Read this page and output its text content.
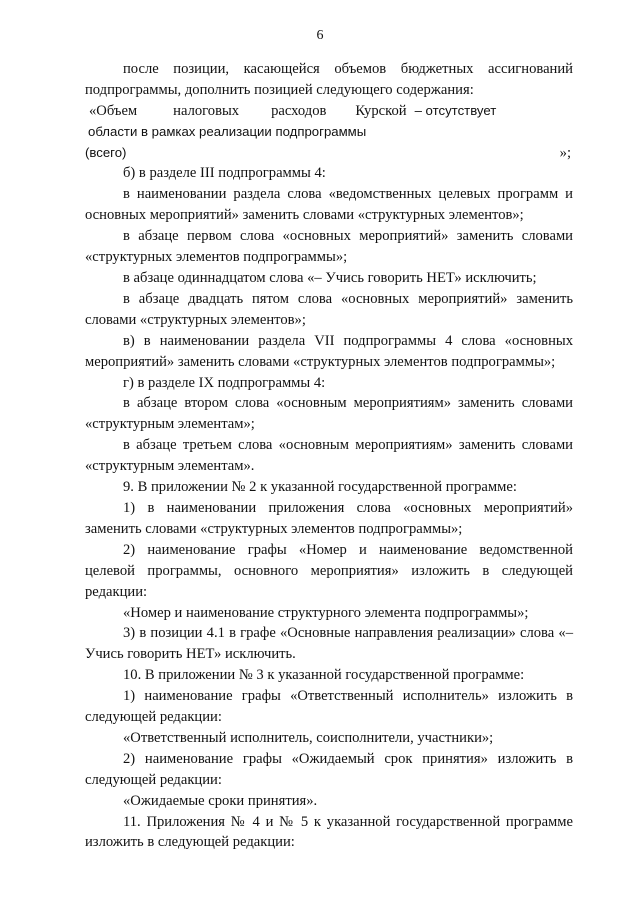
6

после позиции, касающейся объемов бюджетных ассигнований подпрограммы, дополнить позицией следующего содержания:

«Объем налоговых расходов Курской – отсутствует
области в рамках реализации подпрограммы
(всего)	»;

б) в разделе III подпрограммы 4:

в наименовании раздела слова «ведомственных целевых программ и основных мероприятий» заменить словами «структурных элементов»;

в абзаце первом слова «основных мероприятий» заменить словами «структурных элементов подпрограммы»;

в абзаце одиннадцатом слова «– Учись говорить НЕТ» исключить;

в абзаце двадцать пятом слова «основных мероприятий» заменить словами «структурных элементов»;

в) в наименовании раздела VII подпрограммы 4 слова «основных мероприятий» заменить словами «структурных элементов подпрограммы»;

г) в разделе IX подпрограммы 4:

в абзаце втором слова «основным мероприятиям» заменить словами «структурным элементам»;

в абзаце третьем слова «основным мероприятиям» заменить словами «структурным элементам».

9. В приложении № 2 к указанной государственной программе:

1) в наименовании приложения слова «основных мероприятий» заменить словами «структурных элементов подпрограммы»;

2) наименование графы «Номер и наименование ведомственной целевой программы, основного мероприятия» изложить в следующей редакции:

«Номер и наименование структурного элемента подпрограммы»;

3) в позиции 4.1 в графе «Основные направления реализации» слова «– Учись говорить НЕТ» исключить.

10. В приложении № 3 к указанной государственной программе:

1) наименование графы «Ответственный исполнитель» изложить в следующей редакции:

«Ответственный исполнитель, соисполнители, участники»;

2) наименование графы «Ожидаемый срок принятия» изложить в следующей редакции:

«Ожидаемые сроки принятия».

11. Приложения № 4 и № 5 к указанной государственной программе изложить в следующей редакции:
